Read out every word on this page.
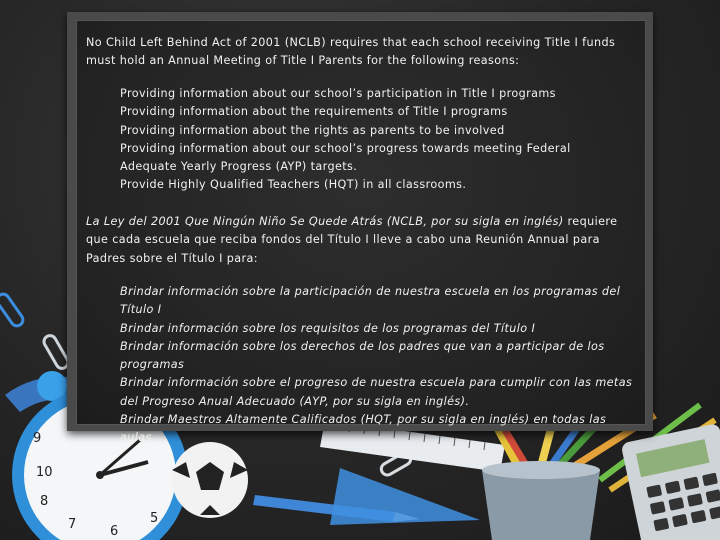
10
9
8
7	6
5
No Child Left Behind Act of 2001 (NCLB) requires that each school receiving Title I funds must hold an Annual Meeting of Title I Parents for the following reasons:
Providing information about our school’s participation in Title I programs
Providing information about the requirements of Title I programs
Providing information about the rights as parents to be involved
Providing information about our school’s progress towards meeting Federal Adequate Yearly Progress (AYP) targets.
Provide Highly Qualified Teachers (HQT) in all classrooms.
La Ley del 2001 Que Ningún Niño Se Quede Atrás (NCLB, por su sigla en inglés) requiere que cada escuela que reciba fondos del Título I lleve a cabo una Reunión Annual para Padres sobre el Título I para:
Brindar información sobre la participación de nuestra escuela en los programas del Título I
Brindar información sobre los requisitos de los programas del Título I
Brindar información sobre los derechos de los padres que van a participar de los programas
Brindar información sobre el progreso de nuestra escuela para cumplir con las metas del Progreso Anual Adecuado (AYP, por su sigla en inglés).
Brindar Maestros Altamente Calificados (HQT, por su sigla en inglés) en todas las aulas.
